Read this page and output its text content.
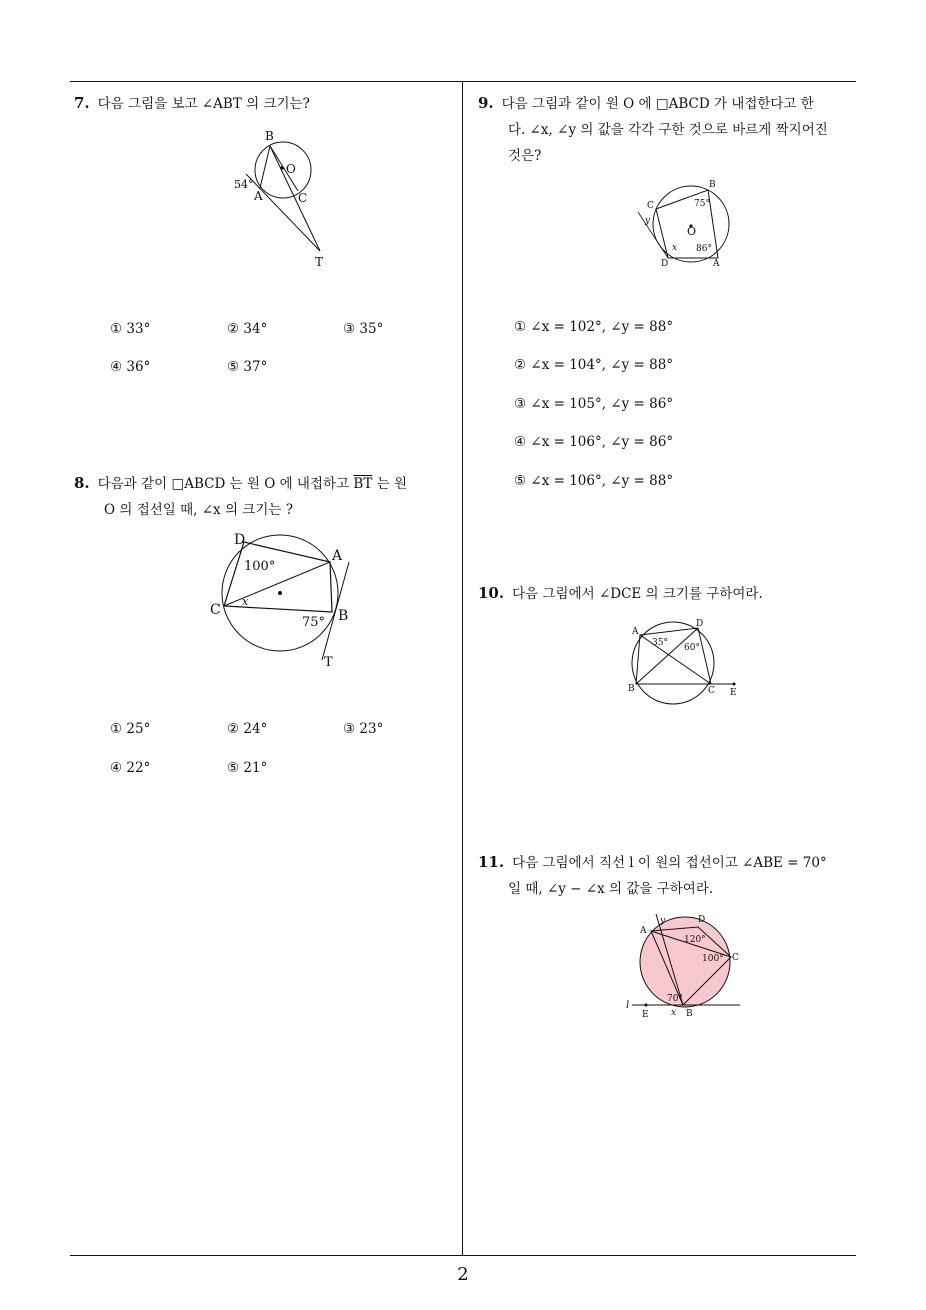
7. 다음 그림을 보고 ∠ABT 의 크기는?
B
O
A	C
T
54°
① 33°	② 34°	③ 35°
④ 36°	⑤ 37°
8. 다음과 같이 □ABCD 는 원 O 에 내접하고 $\overline{BT}$ 는 원
O 의 접선일 때, ∠x 의 크기는 ?
D
A
C	B
T
x
100°
75°
① 25°	② 24°	③ 23°
④ 22°	⑤ 21°
9. 다음 그림과 같이 원 O 에 □ABCD 가 내접한다고 한
다. ∠x, ∠y 의 값을 각각 구한 것으로 바르게 짝지어진
것은?
B
C
D	A
O
x
y
75°
86°
① ∠x = 102°, ∠y = 88°
② ∠x = 104°, ∠y = 88°
③ ∠x = 105°, ∠y = 86°
④ ∠x = 106°, ∠y = 86°
⑤ ∠x = 106°, ∠y = 88°
10. 다음 그림에서 ∠DCE 의 크기를 구하여라.
A
D
B	C E
35° 60°
11. 다음 그림에서 직선 l 이 원의 접선이고 ∠ABE = 70°
일 때, ∠y − ∠x 의 값을 구하여라.
A
D
C
B
E
l
x
y
120°
100°
70°
2
